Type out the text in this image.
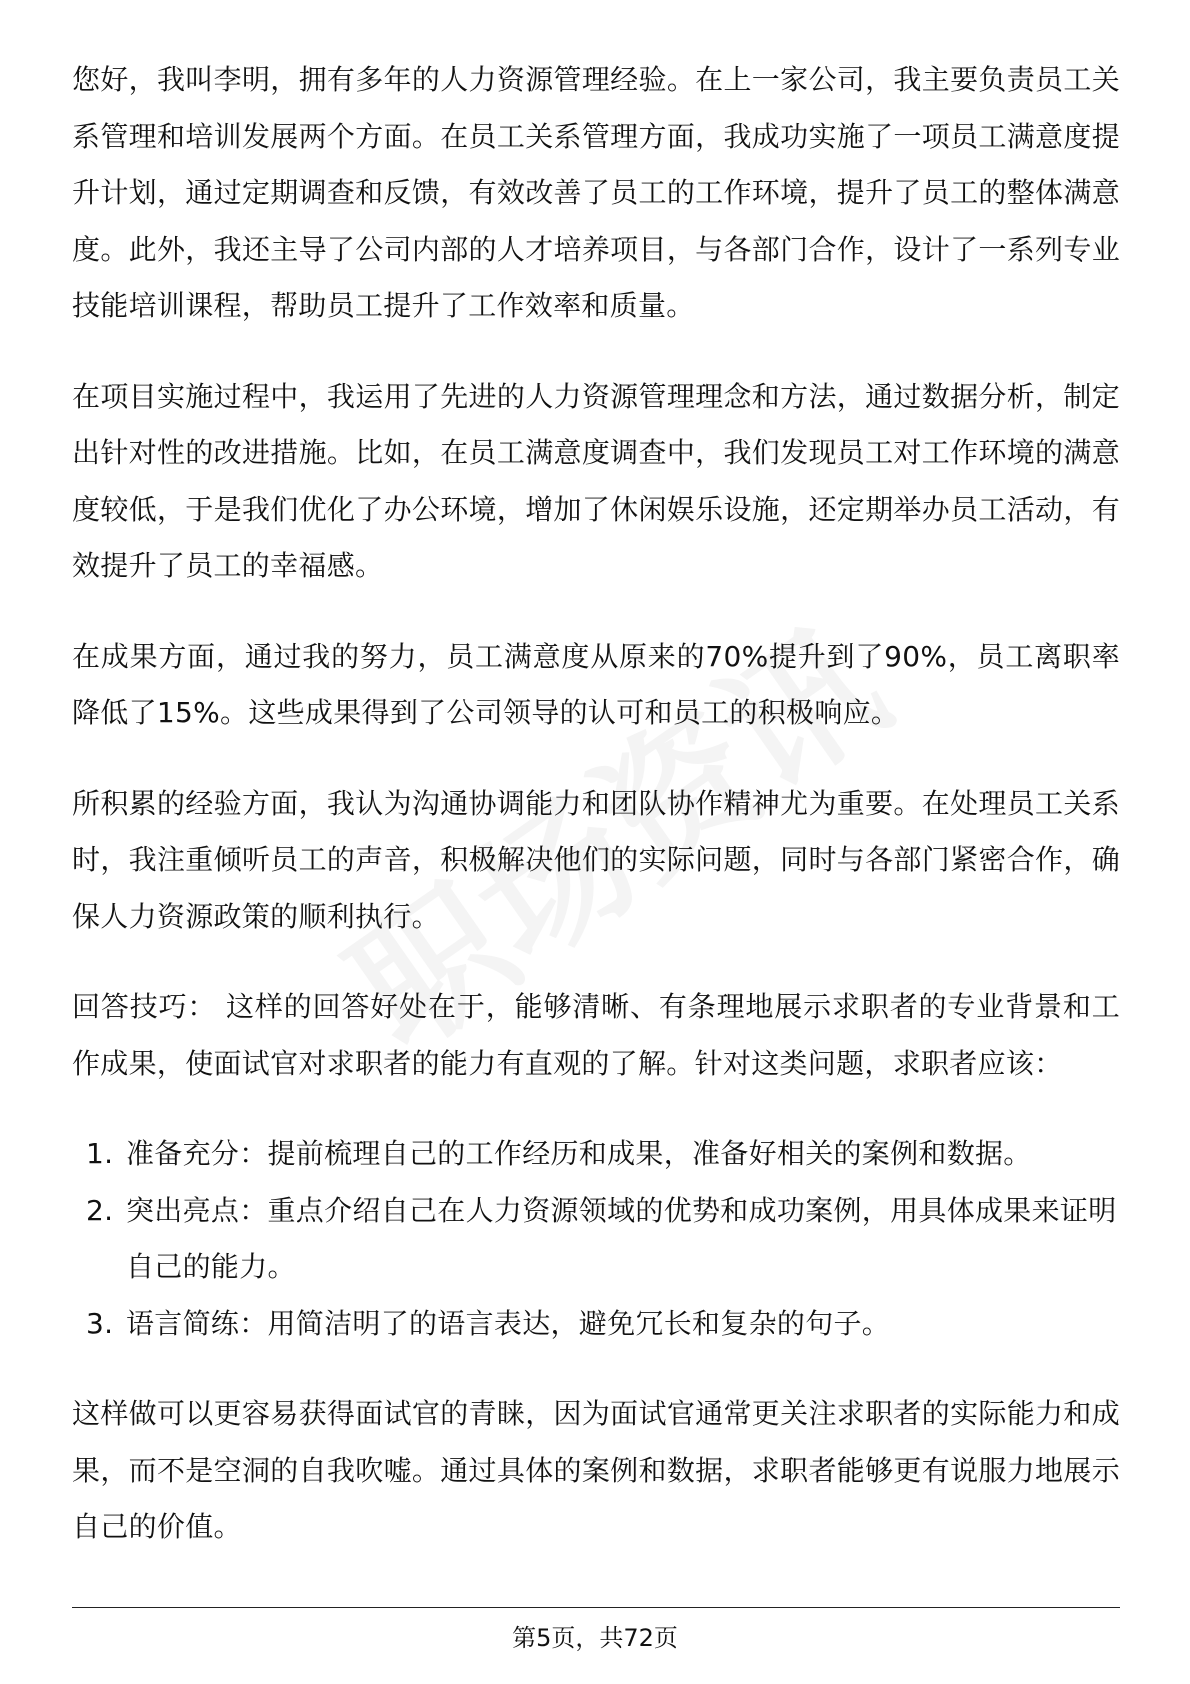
您好，我叫李明，拥有多年的人力资源管理经验。在上一家公司，我主要负责员工关系管理和培训发展两个方面。在员工关系管理方面，我成功实施了一项员工满意度提升计划，通过定期调查和反馈，有效改善了员工的工作环境，提升了员工的整体满意度。此外，我还主导了公司内部的人才培养项目，与各部门合作，设计了一系列专业技能培训课程，帮助员工提升了工作效率和质量。

在项目实施过程中，我运用了先进的人力资源管理理念和方法，通过数据分析，制定出针对性的改进措施。比如，在员工满意度调查中，我们发现员工对工作环境的满意度较低，于是我们优化了办公环境，增加了休闲娱乐设施，还定期举办员工活动，有效提升了员工的幸福感。

在成果方面，通过我的努力，员工满意度从原来的70%提升到了90%，员工离职率降低了15%。这些成果得到了公司领导的认可和员工的积极响应。

所积累的经验方面，我认为沟通协调能力和团队协作精神尤为重要。在处理员工关系时，我注重倾听员工的声音，积极解决他们的实际问题，同时与各部门紧密合作，确保人力资源政策的顺利执行。

回答技巧： 这样的回答好处在于，能够清晰、有条理地展示求职者的专业背景和工作成果，使面试官对求职者的能力有直观的了解。针对这类问题，求职者应该：

1. 准备充分：提前梳理自己的工作经历和成果，准备好相关的案例和数据。
2. 突出亮点：重点介绍自己在人力资源领域的优势和成功案例，用具体成果来证明自己的能力。
3. 语言简练：用简洁明了的语言表达，避免冗长和复杂的句子。

这样做可以更容易获得面试官的青睐，因为面试官通常更关注求职者的实际能力和成果，而不是空洞的自我吹嘘。通过具体的案例和数据，求职者能够更有说服力地展示自己的价值。

第5页，共72页
